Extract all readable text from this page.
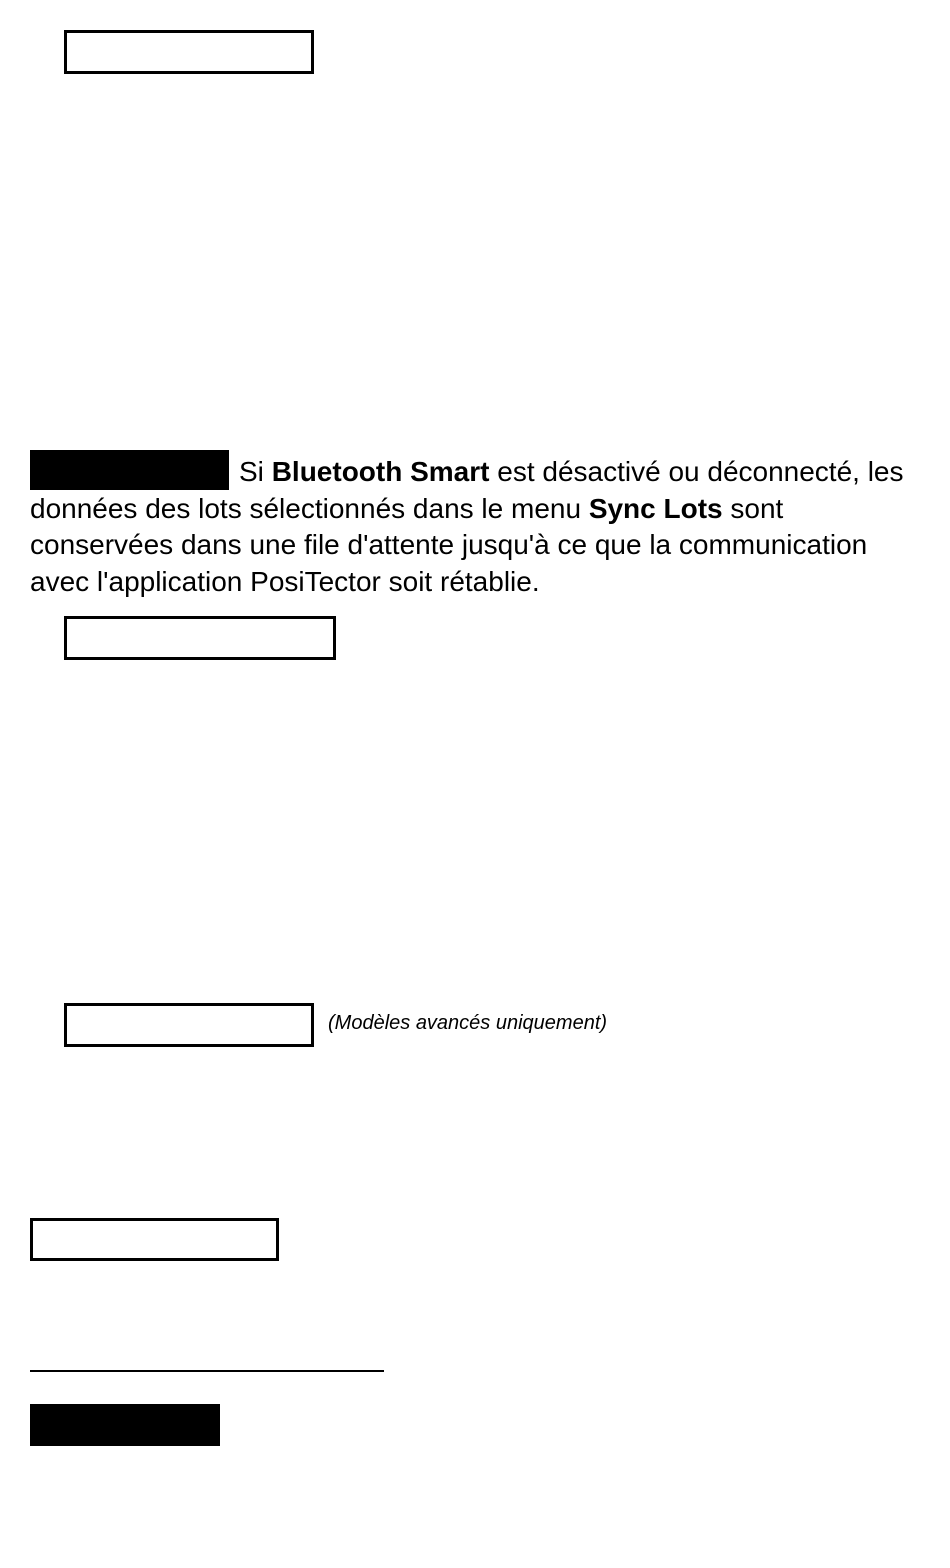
Si Bluetooth Smart est désactivé ou déconnecté, les données des lots sélectionnés dans le menu Sync Lots sont conservées dans une file d'attente jusqu'à ce que la communication avec l'application PosiTector soit rétablie.

(Modèles avancés uniquement)
